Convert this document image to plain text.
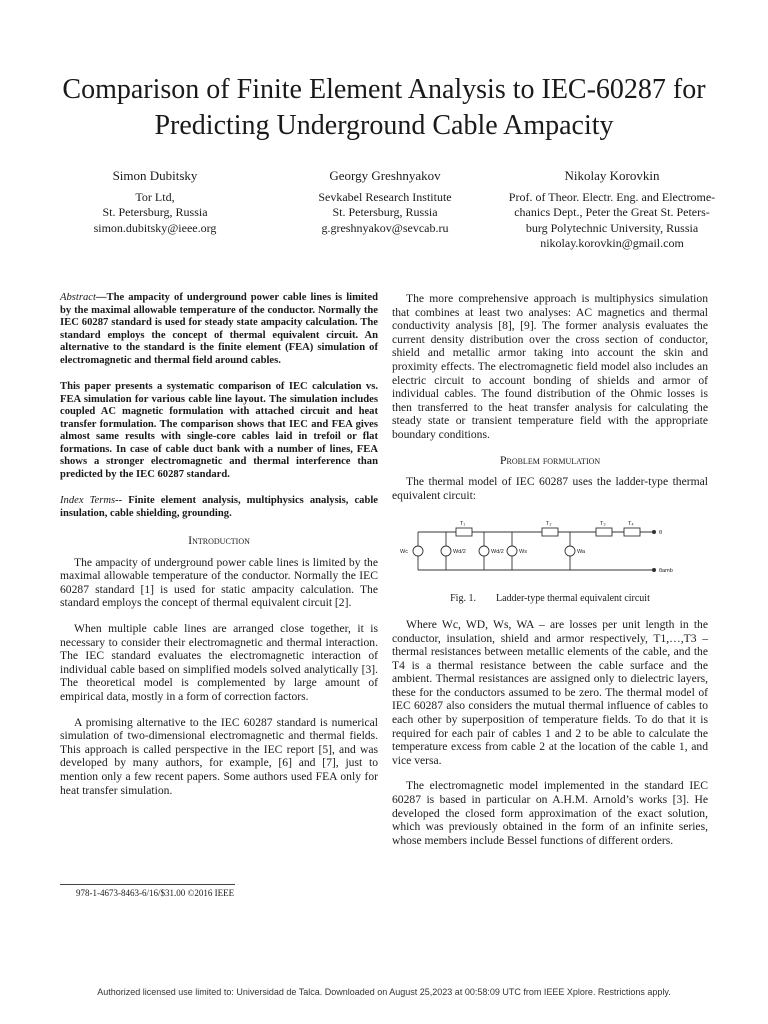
Comparison of Finite Element Analysis to IEC-60287 for Predicting Underground Cable Ampacity
Simon Dubitsky
Tor Ltd,
St. Petersburg, Russia
simon.dubitsky@ieee.org
Georgy Greshnyakov
Sevkabel Research Institute
St. Petersburg, Russia
g.greshnyakov@sevcab.ru
Nikolay Korovkin
Prof. of Theor. Electr. Eng. and Electrome-
chanics Dept., Peter the Great St. Peters-
burg Polytechnic University, Russia
nikolay.korovkin@gmail.com
Abstract—The ampacity of underground power cable lines is limited by the maximal allowable temperature of the conductor. Normally the IEC 60287 standard is used for steady state ampacity calculation. The standard employs the concept of thermal equivalent circuit. An alternative to the standard is the finite element (FEA) simulation of electromagnetic and thermal field around cables.
This paper presents a systematic comparison of IEC calculation vs. FEA simulation for various cable line layout. The simulation includes coupled AC magnetic formulation with attached circuit and heat transfer formulation. The comparison shows that IEC and FEA gives almost same results with single-core cables laid in trefoil or flat formations. In case of cable duct bank with a number of lines, FEA shows a stronger electromagnetic and thermal interference than predicted by the IEC 60287 standard.
Index Terms-- Finite element analysis, multiphysics analysis, cable insulation, cable shielding, grounding.
Introduction

The ampacity of underground power cable lines is limited by the maximal allowable temperature of the conductor. Normally the IEC 60287 standard [1] is used for static ampacity calculation. The standard employs the concept of thermal equivalent circuit [2].

When multiple cable lines are arranged close together, it is necessary to consider their electromagnetic and thermal interaction. The IEC standard evaluates the electromagnetic interaction of individual cable based on simplified models solved analytically [3]. The theoretical model is complemented by large amount of empirical data, mostly in a form of correction factors.

A promising alternative to the IEC 60287 standard is numerical simulation of two-dimensional electromagnetic and thermal fields. This approach is called perspective in the IEC report [5], and was developed by many authors, for example, [6] and [7], just to mention only a few recent papers. Some authors used FEA only for heat transfer simulation.

The more comprehensive approach is multiphysics simulation that combines at least two analyses: AC magnetics and thermal conductivity analysis [8], [9]. The former analysis evaluates the current density distribution over the cross section of conductor, shield and metallic armor taking into account the skin and proximity effects. The electromagnetic field model also includes an electric circuit to account bonding of shields and armor of individual cables. The found distribution of the Ohmic losses is then transferred to the heat transfer analysis for calculating the steady state or transient temperature field with the appropriate boundary conditions.

Problem formulation

The thermal model of IEC 60287 uses the ladder-type thermal equivalent circuit:

T₁	T₂	T₃	T₄
θ
θamb
Wc	Wd/2	Wd/2	Ws	Wa
Fig. 1. Ladder-type thermal equivalent circuit

Where Wc, WD, Ws, WA – are losses per unit length in the conductor, insulation, shield and armor respectively, T1,…,T3 – thermal resistances between metallic elements of the cable, and the T4 is a thermal resistance between the cable surface and the ambient. Thermal resistances are assigned only to dielectric layers, these for the conductors assumed to be zero. The thermal model of IEC 60287 also considers the mutual thermal influence of cables to each other by superposition of temperature fields. To do that it is required for each pair of cables 1 and 2 to be able to calculate the temperature excess from cable 2 at the location of the cable 1, and vice versa.

The electromagnetic model implemented in the standard IEC 60287 is based in particular on A.H.M. Arnold’s works [3]. He developed the closed form approximation of the exact solution, which was previously obtained in the form of an infinite series, whose members include Bessel functions of different orders.

978-1-4673-8463-6/16/$31.00 ©2016 IEEE
Authorized licensed use limited to: Universidad de Talca. Downloaded on August 25,2023 at 00:58:09 UTC from IEEE Xplore. Restrictions apply.
